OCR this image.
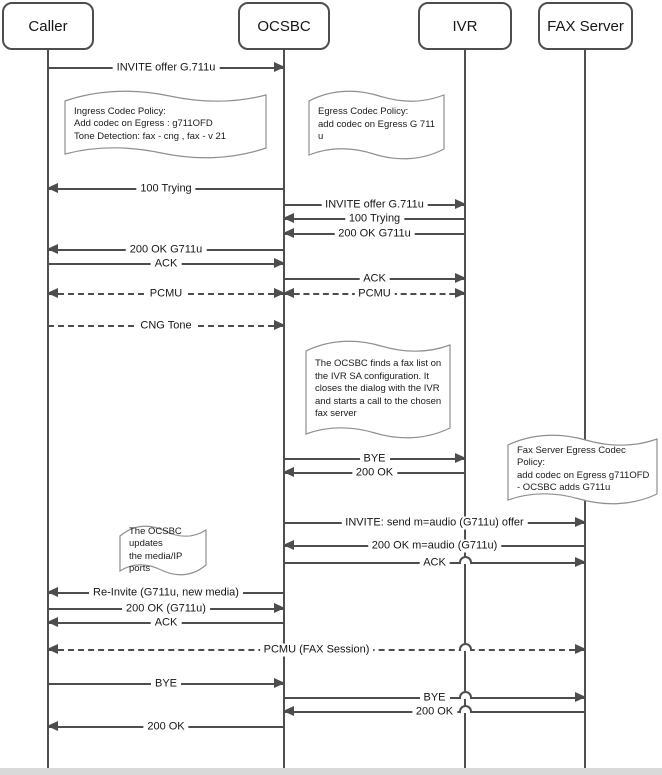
Caller	OCSBC	IVR	FAX Server
INVITE offer G.711u
100 Trying
INVITE offer G.711u
100 Trying
200 OK G711u
200 OK G711u
ACK
ACK
PCMU	PCMU
CNG Tone
BYE
200 OK
INVITE: send m=audio (G711u) offer
200 OK m=audio (G711u)
ACK
Re-Invite (G711u, new media)
200 OK (G711u)
ACK
PCMU (FAX Session)
BYE
BYE
200 OK
200 OK
Ingress Codec Policy:
Add codec on Egress : g711OFD
Tone Detection: fax - cng , fax - v 21
Egress Codec Policy:
add codec on Egress G 711 u
The OCSBC finds a fax list on
the IVR SA configuration. It
closes the dialog with the IVR
and starts a call to the chosen
fax server
Fax Server Egress Codec Policy:
add codec on Egress g711OFD
- OCSBC adds G711u
The OCSBC updates
the media/IP ports
